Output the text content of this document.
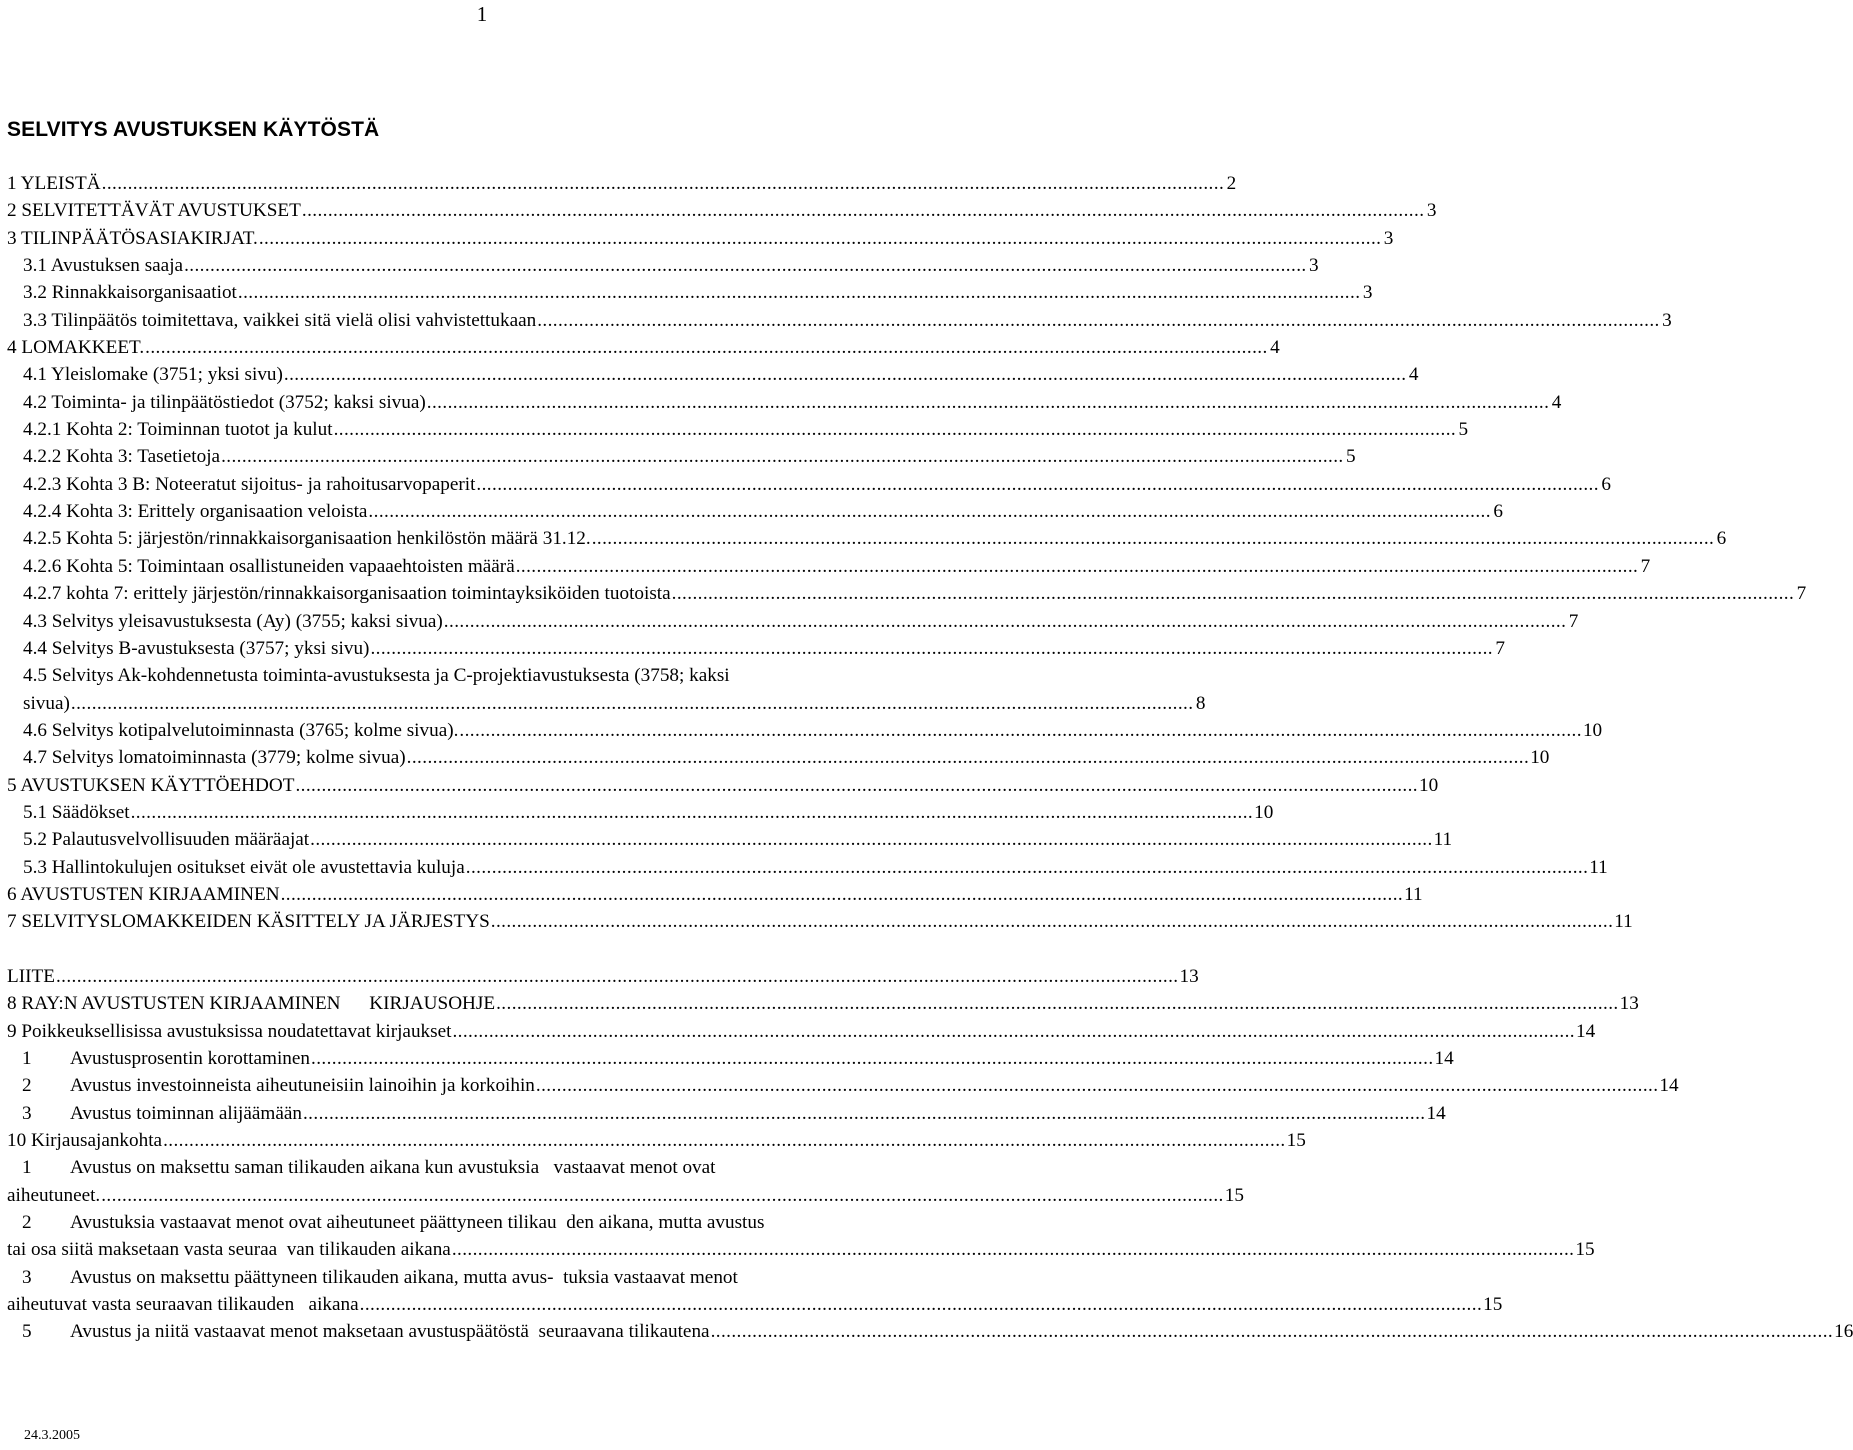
1
SELVITYS AVUSTUKSEN KÄYTÖSTÄ
1 YLEISTÄ .....	2
2 SELVITETTÄVÄT AVUSTUKSET .....	3
3 TILINPÄÄTÖSASIAKIRJAT. .....	3
3.1 Avustuksen saaja .....	3
3.2 Rinnakkaisorganisaatiot .....	3
3.3 Tilinpäätös toimitettava, vaikkei sitä vielä olisi vahvistettukaan .....	3
4 LOMAKKEET. .....	4
4.1 Yleislomake (3751; yksi sivu) .....	4
4.2 Toiminta- ja tilinpäätöstiedot (3752; kaksi sivua) .....	4
4.2.1 Kohta 2: Toiminnan tuotot ja kulut .....	5
4.2.2 Kohta 3: Tasetietoja .....	5
4.2.3 Kohta 3 B: Noteeratut sijoitus- ja rahoitusarvopaperit .....	6
4.2.4 Kohta 3: Erittely organisaation veloista .....	6
4.2.5 Kohta 5: järjestön/rinnakkaisorganisaation henkilöstön määrä 31.12. .....	6
4.2.6 Kohta 5: Toimintaan osallistuneiden vapaaehtoisten määrä .....	7
4.2.7 kohta 7: erittely järjestön/rinnakkaisorganisaation toimintayksiköiden tuotoista .....	7
4.3 Selvitys yleisavustuksesta (Ay) (3755; kaksi sivua) .....	7
4.4 Selvitys B-avustuksesta (3757; yksi sivu) .....	7
4.5 Selvitys Ak-kohdennetusta toiminta-avustuksesta ja C-projektiavustuksesta (3758; kaksi
sivua) .....	8
4.6 Selvitys kotipalvelutoiminnasta (3765; kolme sivua). .....	10
4.7 Selvitys lomatoiminnasta (3779; kolme sivua) .....	10
5 AVUSTUKSEN KÄYTTÖEHDOT .....	10
5.1 Säädökset .....	10
5.2 Palautusvelvollisuuden määräajat .....	11
5.3 Hallintokulujen ositukset eivät ole avustettavia kuluja .....	11
6 AVUSTUSTEN KIRJAAMINEN .....	11
7 SELVITYSLOMAKKEIDEN KÄSITTELY JA JÄRJESTYS .....	11
LIITE .....	13
8 RAY:N AVUSTUSTEN KIRJAAMINEN      KIRJAUSOHJE .....	13
9 Poikkeuksellisissa avustuksissa noudatettavat kirjaukset .....	14
1 Avustusprosentin korottaminen .....	14
2 Avustus investoinneista aiheutuneisiin lainoihin ja korkoihin .....	14
3 Avustus toiminnan alijäämään .....	14
10 Kirjausajankohta .....	15
1 Avustus on maksettu saman tilikauden aikana kun avustuksia   vastaavat menot ovat
aiheutuneet. .....	15
2 Avustuksia vastaavat menot ovat aiheutuneet päättyneen tilikau  den aikana, mutta avustus
tai osa siitä maksetaan vasta seuraa  van tilikauden aikana .....	15
3 Avustus on maksettu päättyneen tilikauden aikana, mutta avus-  tuksia vastaavat menot
aiheutuvat vasta seuraavan tilikauden   aikana .....	15
5 Avustus ja niitä vastaavat menot maksetaan avustuspäätöstä  seuraavana tilikautena .....	16
24.3.2005
